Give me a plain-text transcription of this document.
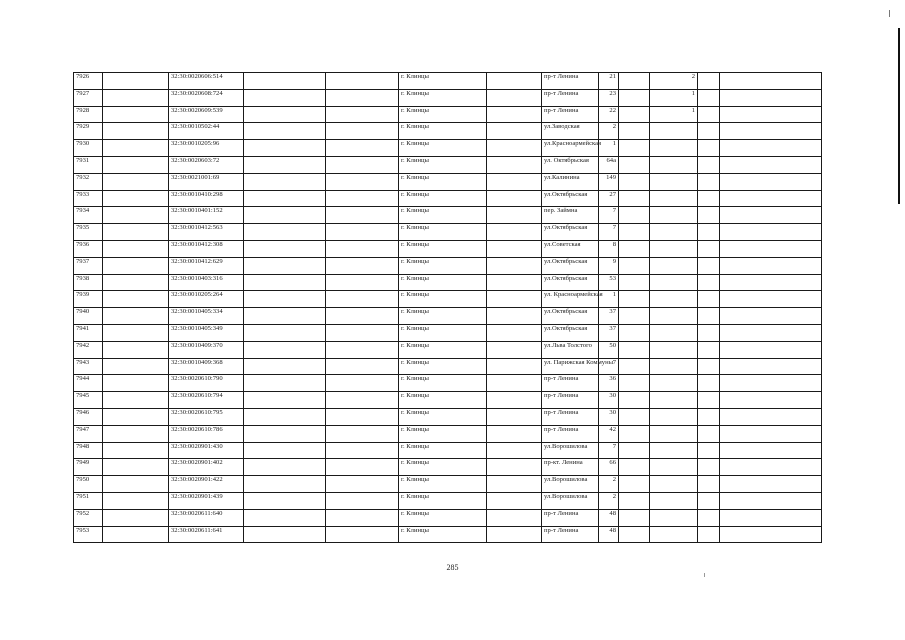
7926		32:30:0020606:514			г. Клинцы		пр-т Ленина	21		2		
7927		32:30:0020608:724			г. Клинцы		пр-т Ленина	23		1		
7928		32:30:0020609:539			г. Клинцы		пр-т Ленина	22		1		
7929		32:30:0010502:44			г. Клинцы		ул.Заводская	2				
7930		32:30:0010205:96			г. Клинцы		ул.Красноармейская	1				
7931		32:30:0020603:72			г. Клинцы		ул. Октябрьская	64а				
7932		32:30:0021001:69			г. Клинцы		ул.Калинина	149				
7933		32:30:0010410:298			г. Клинцы		ул.Октябрьская	27				
7934		32:30:0010401:152			г. Клинцы		пер. Займна	7				
7935		32:30:0010412:563			г. Клинцы		ул.Октябрьская	7				
7936		32:30:0010412:308			г. Клинцы		ул.Советская	8				
7937		32:30:0010412:629			г. Клинцы		ул.Октябрьская	9				
7938		32:30:0010403:316			г. Клинцы		ул.Октябрьская	53				
7939		32:30:0010205:264			г. Клинцы		ул. Красноармейская	1				
7940		32:30:0010405:334			г. Клинцы		ул.Октябрьская	37				
7941		32:30:0010405:349			г. Клинцы		ул.Октябрьская	37				
7942		32:30:0010409:370			г. Клинцы		ул.Льва Толстого	50				
7943		32:30:0010409:368			г. Клинцы		ул. Парижская Коммуны	7				
7944		32:30:0020610:790			г. Клинцы		пр-т Ленина	36				
7945		32:30:0020610:794			г. Клинцы		пр-т Ленина	30				
7946		32:30:0020610:795			г. Клинцы		пр-т Ленина	30				
7947		32:30:0020610:786			г. Клинцы		пр-т Ленина	42				
7948		32:30:0020901:430			г. Клинцы		ул.Ворошилова	7				
7949		32:30:0020901:402			г. Клинцы		пр-кт. Ленина	66				
7950		32:30:0020901:422			г. Клинцы		ул.Ворошилова	2				
7951		32:30:0020901:439			г. Клинцы		ул.Ворошилова	2				
7952		32:30:0020611:640			г. Клинцы		пр-т Ленина	48				
7953		32:30:0020611:641			г. Клинцы		пр-т Ленина	48				
285
